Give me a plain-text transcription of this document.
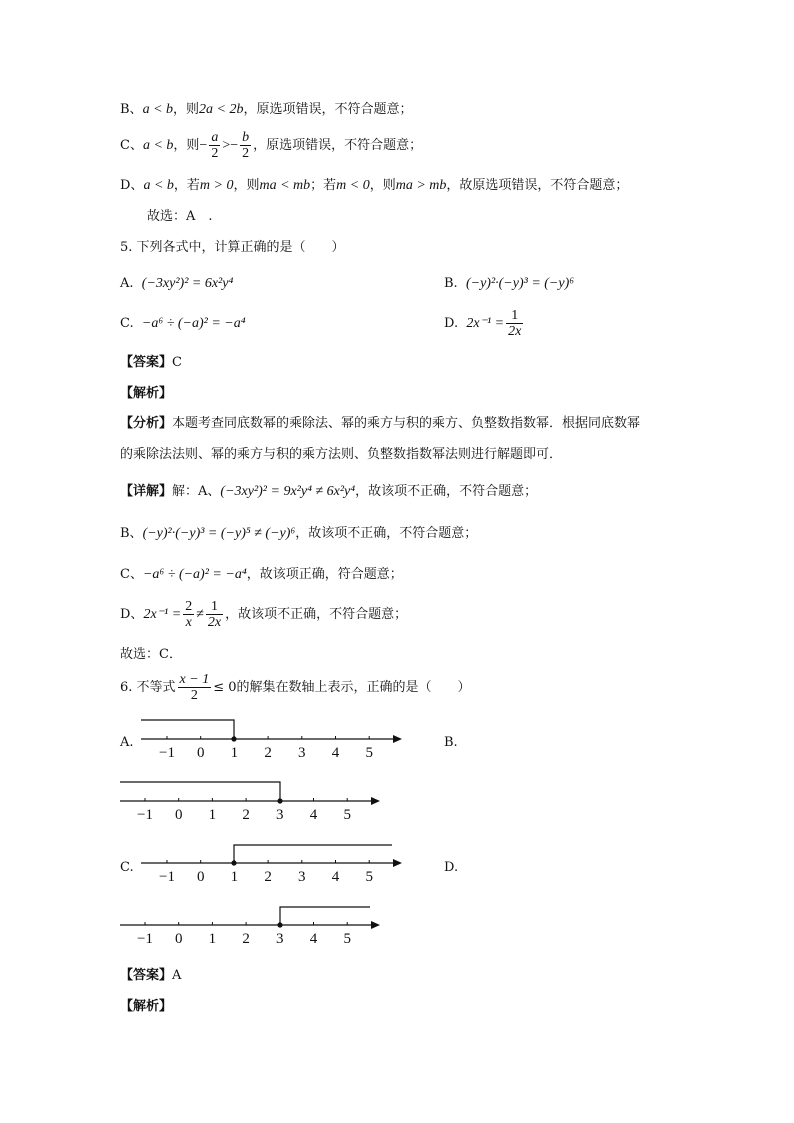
B、a < b，则2a < 2b，原选项错误，不符合题意；
C、a < b，则− $\frac{a}{2} >- \frac{b}{2}$ ，原选项错误，不符合题意；
D、a < b，若m > 0，则ma < mb；若m < 0，则ma > mb，故原选项错误，不符合题意；
故选：A　.
5. 下列各式中，计算正确的是（　　）
A. (−3xy²)² = 6x²y⁴	B. (−y)²·(−y)³ = (−y)⁶
C. −a⁶ ÷ (−a)² = −a⁴	D. $2x^{-1} = \frac{1}{2x}$
【答案】C
【解析】
【分析】本题考查同底数幂的乘除法、幂的乘方与积的乘方、负整数指数幂．根据同底数幂
的乘除法法则、幂的乘方与积的乘方法则、负整数指数幂法则进行解题即可．
【详解】解：A、(−3xy²)² = 9x²y⁴ ≠ 6x²y⁴，故该项不正确，不符合题意；
B、(−y)²·(−y)³ = (−y)⁵ ≠ (−y)⁶，故该项不正确，不符合题意；
C、−a⁶ ÷ (−a)² = −a⁴，故该项正确，符合题意；
D、$2x^{-1} = \frac{2}{x} \ne \frac{1}{2x}$ ，故该项不正确，不符合题意；
故选：C．
6. 不等式 $\frac{x - 1}{2} \le 0$的解集在数轴上表示，正确的是（　　）
A.	B.
C.	D.
−1 0 1 2 3 4 5
−1 0 1 2 3 4 5
−1 0 1 2 3 4 5
−1 0 1 2 3 4 5
【答案】A
【解析】
